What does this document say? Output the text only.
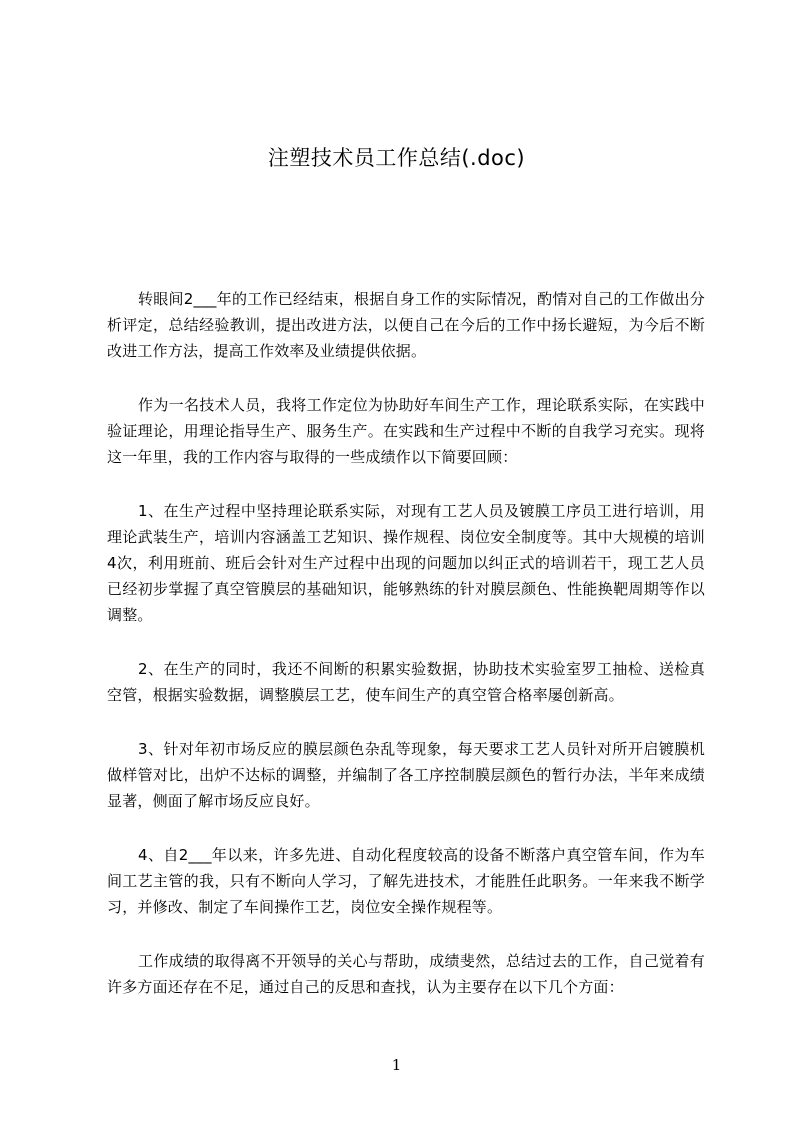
注塑技术员工作总结(.doc)

转眼间2___年的工作已经结束，根据自身工作的实际情况，酌情对自己的工作做出分析评定，总结经验教训，提出改进方法，以便自己在今后的工作中扬长避短，为今后不断改进工作方法，提高工作效率及业绩提供依据。

作为一名技术人员，我将工作定位为协助好车间生产工作，理论联系实际，在实践中验证理论，用理论指导生产、服务生产。在实践和生产过程中不断的自我学习充实。现将这一年里，我的工作内容与取得的一些成绩作以下简要回顾：

1、在生产过程中坚持理论联系实际，对现有工艺人员及镀膜工序员工进行培训，用理论武装生产，培训内容涵盖工艺知识、操作规程、岗位安全制度等。其中大规模的培训4次，利用班前、班后会针对生产过程中出现的问题加以纠正式的培训若干，现工艺人员已经初步掌握了真空管膜层的基础知识，能够熟练的针对膜层颜色、性能换靶周期等作以调整。

2、在生产的同时，我还不间断的积累实验数据，协助技术实验室罗工抽检、送检真空管，根据实验数据，调整膜层工艺，使车间生产的真空管合格率屡创新高。

3、针对年初市场反应的膜层颜色杂乱等现象，每天要求工艺人员针对所开启镀膜机做样管对比，出炉不达标的调整，并编制了各工序控制膜层颜色的暂行办法，半年来成绩显著，侧面了解市场反应良好。

4、自2___年以来，许多先进、自动化程度较高的设备不断落户真空管车间，作为车间工艺主管的我，只有不断向人学习，了解先进技术，才能胜任此职务。一年来我不断学习，并修改、制定了车间操作工艺，岗位安全操作规程等。

工作成绩的取得离不开领导的关心与帮助，成绩斐然，总结过去的工作，自己觉着有许多方面还存在不足，通过自己的反思和查找，认为主要存在以下几个方面：

1
